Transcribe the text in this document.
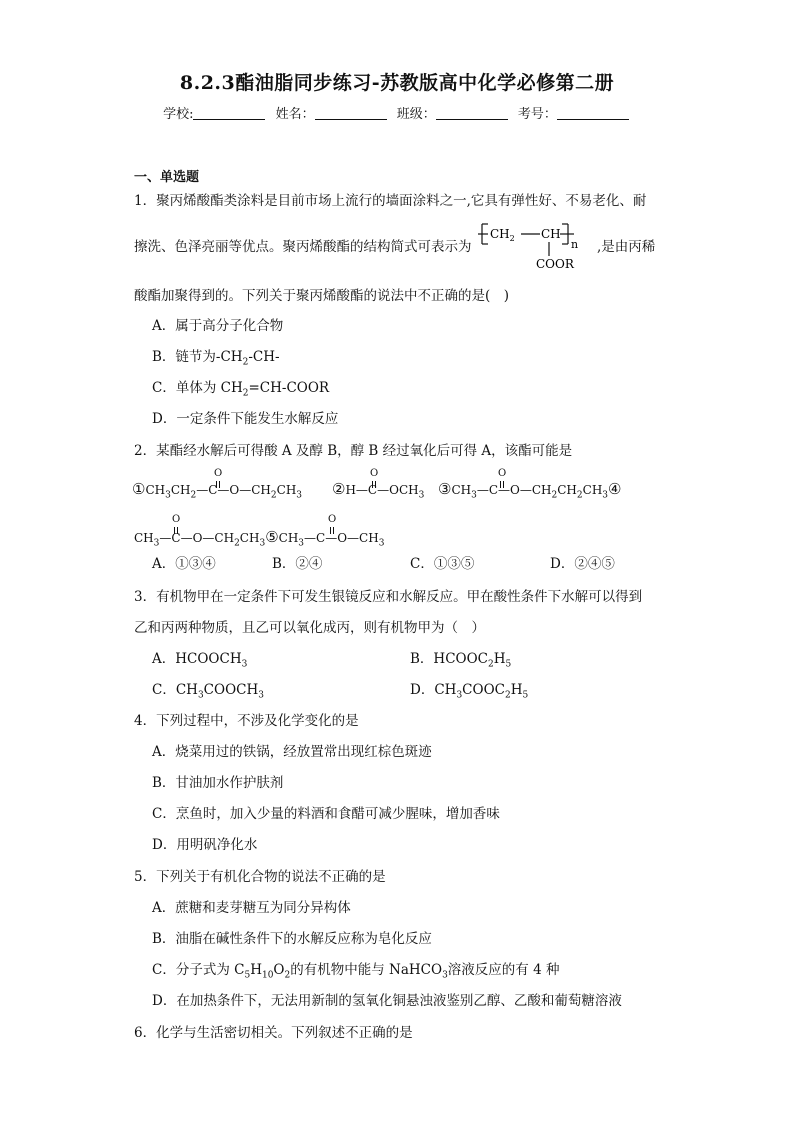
8.2.3酯油脂同步练习-苏教版高中化学必修第二册
学校:	姓名：	班级：	考号：
一、单选题
1．聚丙烯酸酯类涂料是目前市场上流行的墙面涂料之一,它具有弹性好、不易老化、耐
擦洗、色泽亮丽等优点。聚丙烯酸酯的结构简式可表示为
$CH_2$ CH
n
COOR
,是由丙稀
酸酯加聚得到的。下列关于聚丙烯酸酯的说法中不正确的是(　)
A．属于高分子化合物
B．链节为$-CH_2-CH-$
C．单体为 $CH_2=CH$-COOR
D．一定条件下能发生水解反应
2．某酯经水解后可得酸 A 及醇 B，醇 B 经过氧化后可得 A，该酯可能是
$①CH_3CH_2—C—O—CH_2CH_3$
O
$②H—C—OCH_3$
O
$③CH_3—C—O—CH_2CH_2CH_3④$
O
$CH_3—C—O—CH_2CH_3⑤CH_3—C—O—CH_3$
O	O
A．①③④	B．②④	C．①③⑤	D．②④⑤
3．有机物甲在一定条件下可发生银镜反应和水解反应。甲在酸性条件下水解可以得到
乙和丙两种物质，且乙可以氧化成丙，则有机物甲为（　）
A．$HCOOCH_3$	B．$HCOOC_2H_5$
C．$CH_3COOCH_3$	D．$CH_3COOC_2H_5$
4．下列过程中，不涉及化学变化的是
A．烧菜用过的铁锅，经放置常出现红棕色斑迹
B．甘油加水作护肤剂
C．烹鱼时，加入少量的料酒和食醋可减少腥味，增加香味
D．用明矾净化水
5．下列关于有机化合物的说法不正确的是
A．蔗糖和麦芽糖互为同分异构体
B．油脂在碱性条件下的水解反应称为皂化反应
C．分子式为 $C_5H_{10}O_2$的有机物中能与 NaHCO$_3$溶液反应的有 4 种
D．在加热条件下，无法用新制的氢氧化铜悬浊液鉴别乙醇、乙酸和葡萄糖溶液
6．化学与生活密切相关。下列叙述不正确的是
